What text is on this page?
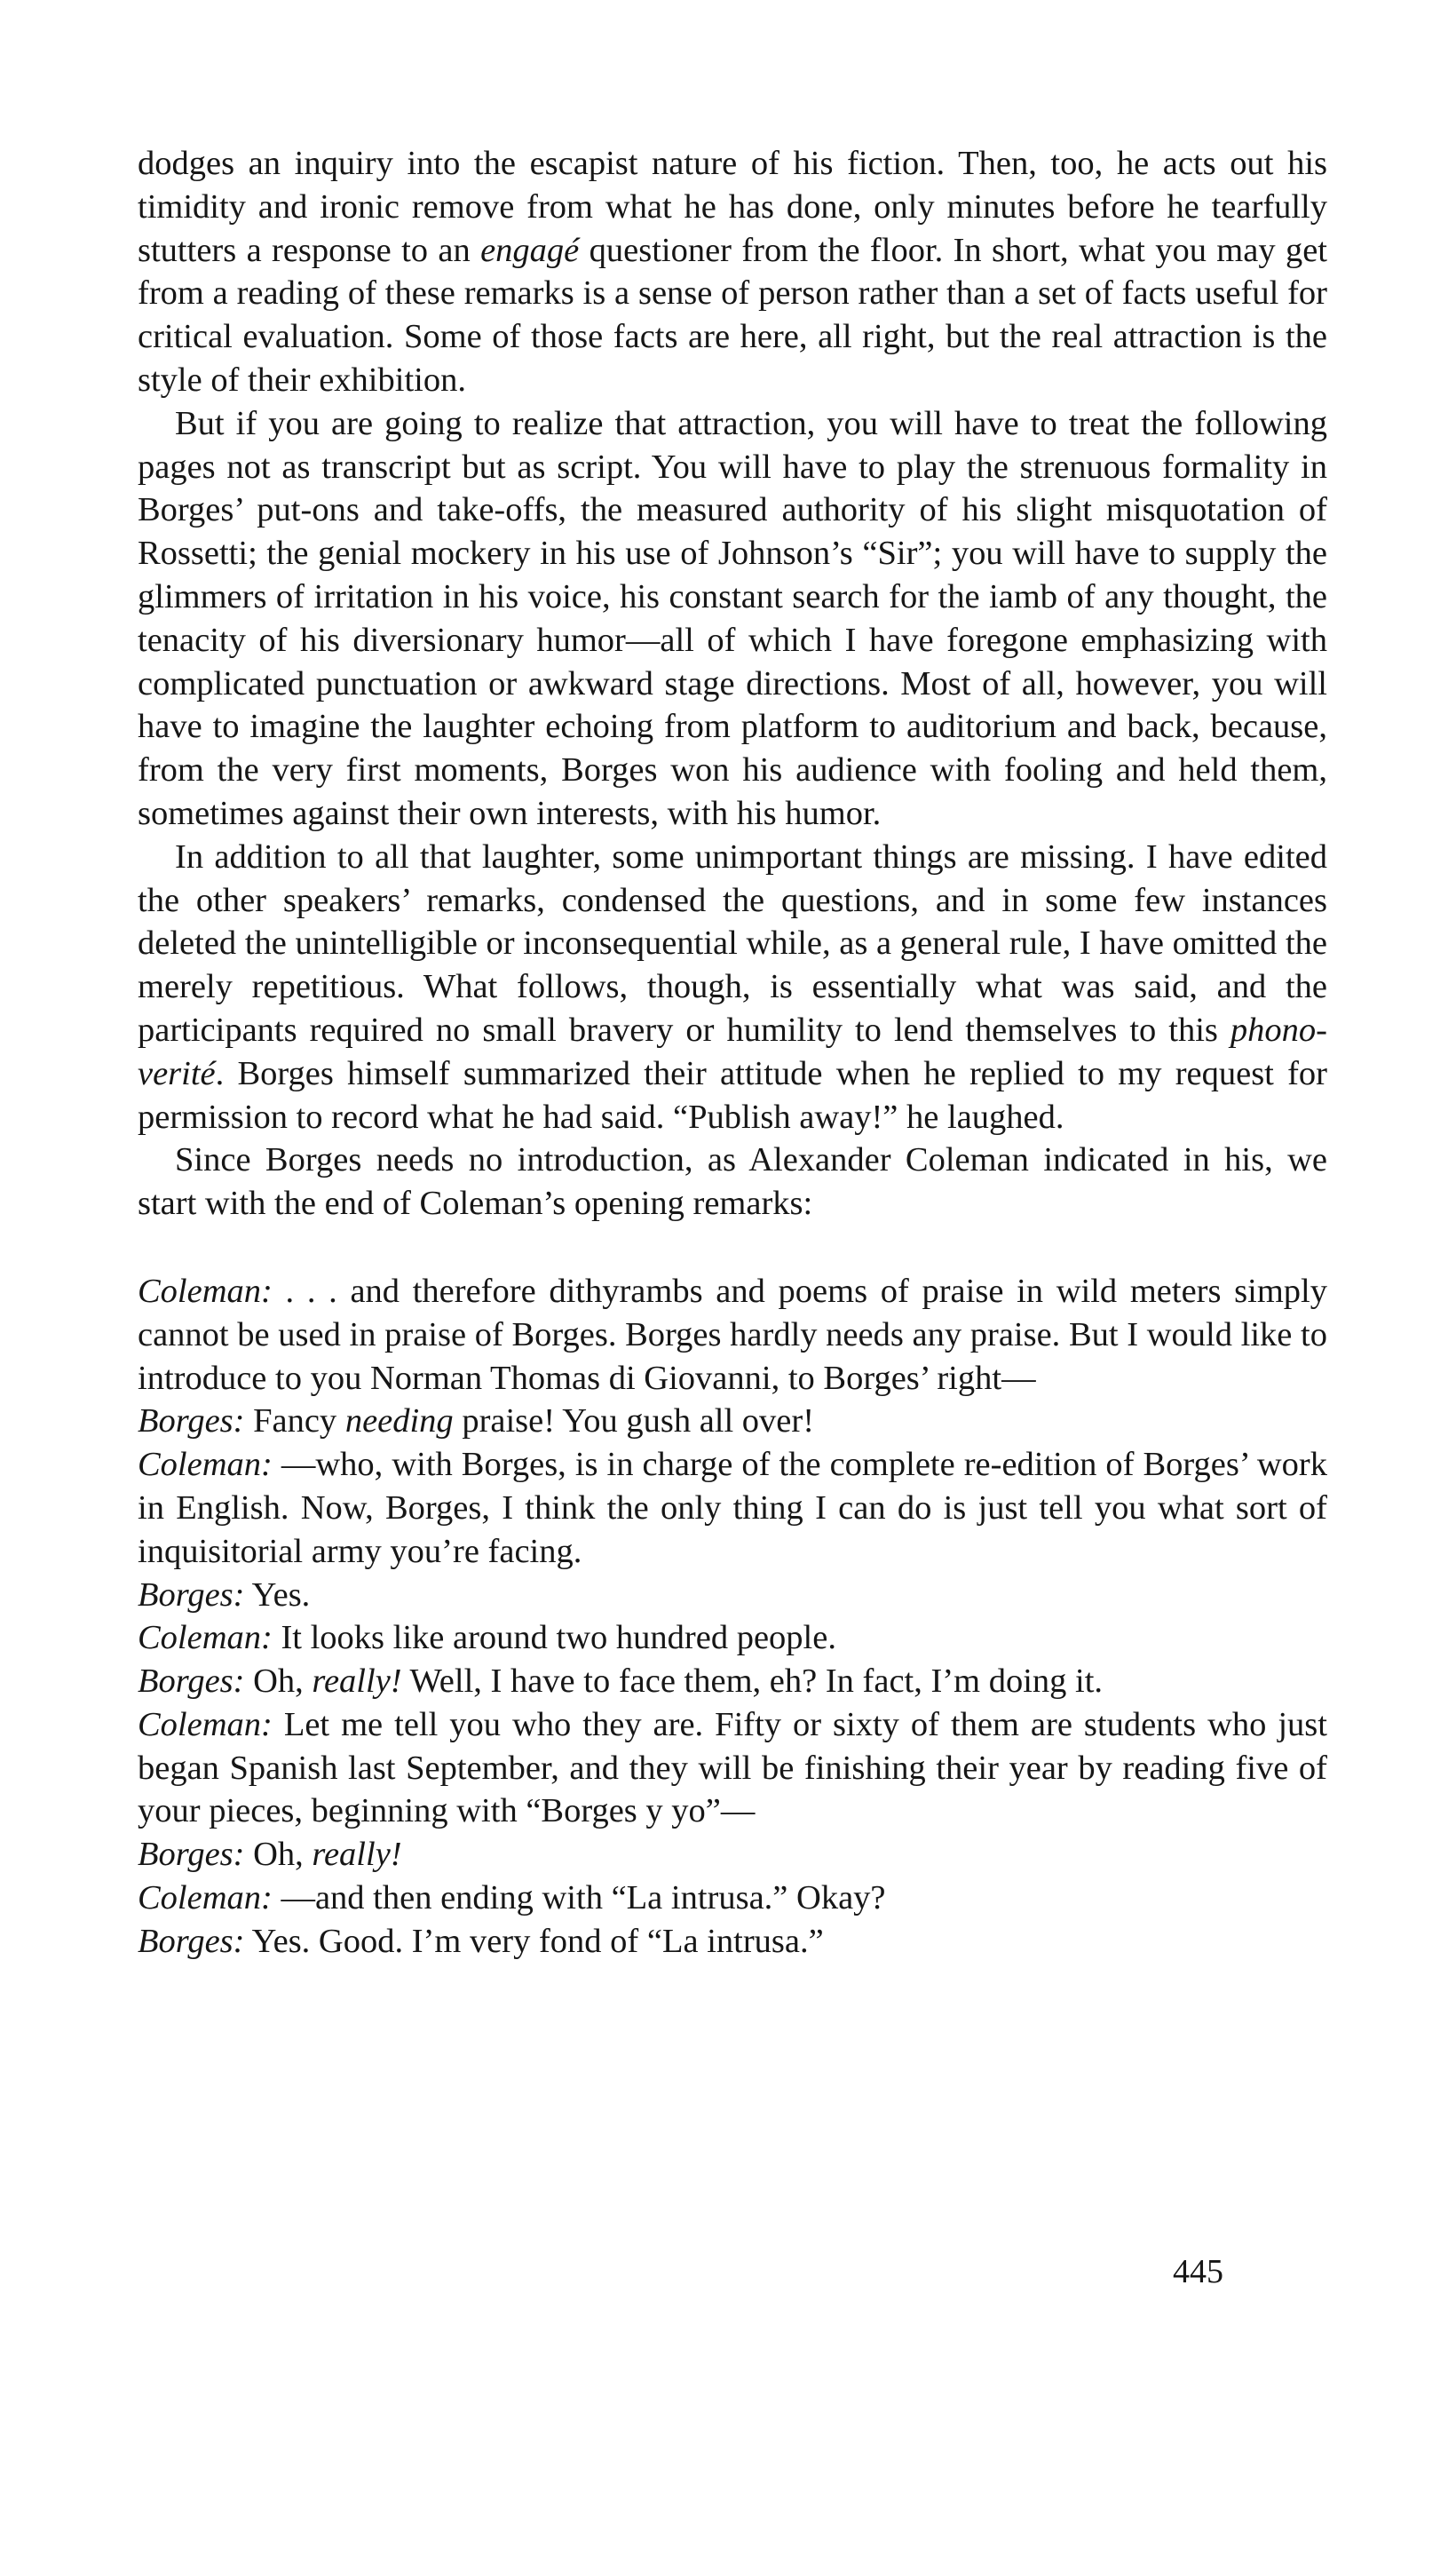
dodges an inquiry into the escapist nature of his fiction. Then, too, he acts out his timidity and ironic remove from what he has done, only minutes before he tearfully stutters a response to an engagé questioner from the floor. In short, what you may get from a reading of these remarks is a sense of person rather than a set of facts useful for critical evaluation. Some of those facts are here, all right, but the real attraction is the style of their exhibition.

But if you are going to realize that attraction, you will have to treat the following pages not as transcript but as script. You will have to play the strenuous formality in Borges’ put-ons and take-offs, the measured authority of his slight misquotation of Rossetti; the genial mockery in his use of Johnson’s “Sir”; you will have to supply the glimmers of irritation in his voice, his constant search for the iamb of any thought, the tenacity of his diversionary humor—all of which I have foregone emphasizing with complicated punctuation or awkward stage directions. Most of all, however, you will have to imagine the laughter echoing from platform to auditorium and back, because, from the very first moments, Borges won his audience with fooling and held them, sometimes against their own interests, with his humor.

In addition to all that laughter, some unimportant things are missing. I have edited the other speakers’ remarks, condensed the questions, and in some few instances deleted the unintelligible or inconsequential while, as a general rule, I have omitted the merely repetitious. What follows, though, is essentially what was said, and the participants required no small bravery or humility to lend themselves to this phono-verité. Borges himself summarized their attitude when he replied to my request for permission to record what he had said. “Publish away!” he laughed.

Since Borges needs no introduction, as Alexander Coleman indicated in his, we start with the end of Coleman’s opening remarks:

Coleman: . . . and therefore dithyrambs and poems of praise in wild meters simply cannot be used in praise of Borges. Borges hardly needs any praise. But I would like to introduce to you Norman Thomas di Giovanni, to Borges’ right—

Borges: Fancy needing praise! You gush all over!

Coleman: —who, with Borges, is in charge of the complete re-edition of Borges’ work in English. Now, Borges, I think the only thing I can do is just tell you what sort of inquisitorial army you’re facing.

Borges: Yes.

Coleman: It looks like around two hundred people.

Borges: Oh, really! Well, I have to face them, eh? In fact, I’m doing it.

Coleman: Let me tell you who they are. Fifty or sixty of them are students who just began Spanish last September, and they will be finishing their year by reading five of your pieces, beginning with “Borges y yo”—

Borges: Oh, really!

Coleman: —and then ending with “La intrusa.” Okay?

Borges: Yes. Good. I’m very fond of “La intrusa.”

445
